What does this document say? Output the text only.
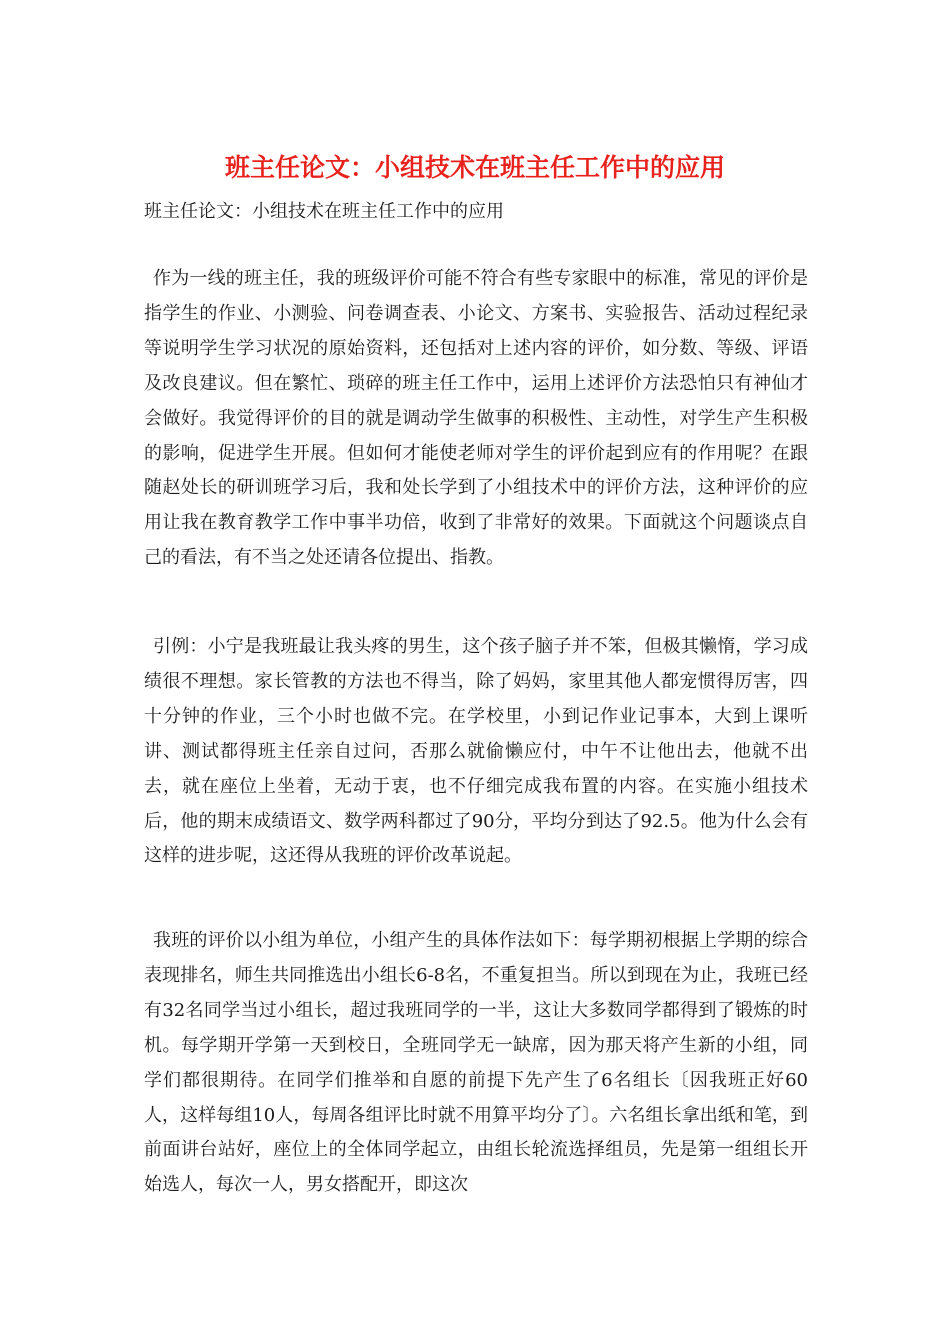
班主任论文：小组技术在班主任工作中的应用

班主任论文：小组技术在班主任工作中的应用

作为一线的班主任，我的班级评价可能不符合有些专家眼中的标准，常见的评价是指学生的作业、小测验、问卷调查表、小论文、方案书、实验报告、活动过程纪录等说明学生学习状况的原始资料，还包括对上述内容的评价，如分数、等级、评语及改良建议。但在繁忙、琐碎的班主任工作中，运用上述评价方法恐怕只有神仙才会做好。我觉得评价的目的就是调动学生做事的积极性、主动性，对学生产生积极的影响，促进学生开展。但如何才能使老师对学生的评价起到应有的作用呢？在跟随赵处长的研训班学习后，我和处长学到了小组技术中的评价方法，这种评价的应用让我在教育教学工作中事半功倍，收到了非常好的效果。下面就这个问题谈点自己的看法，有不当之处还请各位提出、指教。

引例：小宁是我班最让我头疼的男生，这个孩子脑子并不笨，但极其懒惰，学习成绩很不理想。家长管教的方法也不得当，除了妈妈，家里其他人都宠惯得厉害，四十分钟的作业，三个小时也做不完。在学校里，小到记作业记事本，大到上课听讲、测试都得班主任亲自过问，否那么就偷懒应付，中午不让他出去，他就不出去，就在座位上坐着，无动于衷，也不仔细完成我布置的内容。在实施小组技术后，他的期末成绩语文、数学两科都过了90分，平均分到达了92.5。他为什么会有这样的进步呢，这还得从我班的评价改革说起。

我班的评价以小组为单位，小组产生的具体作法如下：每学期初根据上学期的综合表现排名，师生共同推选出小组长6-8名，不重复担当。所以到现在为止，我班已经有32名同学当过小组长，超过我班同学的一半，这让大多数同学都得到了锻炼的时机。每学期开学第一天到校日，全班同学无一缺席，因为那天将产生新的小组，同学们都很期待。在同学们推举和自愿的前提下先产生了6名组长〔因我班正好60人，这样每组10人，每周各组评比时就不用算平均分了〕。六名组长拿出纸和笔，到前面讲台站好，座位上的全体同学起立，由组长轮流选择组员，先是第一组组长开始选人，每次一人，男女搭配开，即这次
